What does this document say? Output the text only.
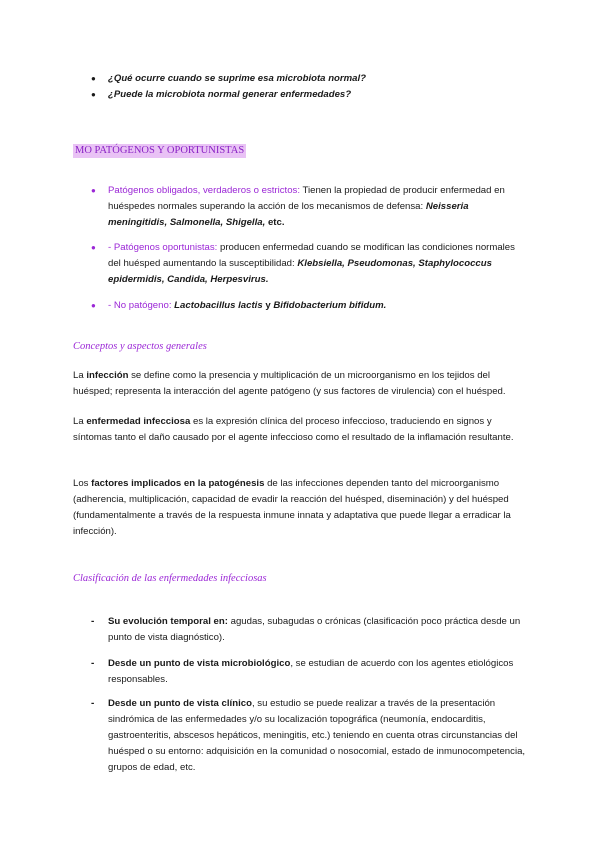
● ¿Qué ocurre cuando se suprime esa microbiota normal?
● ¿Puede la microbiota normal generar enfermedades?
MO PATÓGENOS Y OPORTUNISTAS
● Patógenos obligados, verdaderos o estrictos: Tienen la propiedad de producir enfermedad en huéspedes normales superando la acción de los mecanismos de defensa: Neisseria meningitidis, Salmonella, Shigella, etc.
● - Patógenos oportunistas: producen enfermedad cuando se modifican las condiciones normales del huésped aumentando la susceptibilidad: Klebsiella, Pseudomonas, Staphylococcus epidermidis, Candida, Herpesvirus.
● - No patógeno: Lactobacillus lactis y Bifidobacterium bifidum.
Conceptos y aspectos generales
La infección se define como la presencia y multiplicación de un microorganismo en los tejidos del huésped; representa la interacción del agente patógeno (y sus factores de virulencia) con el huésped.
La enfermedad infecciosa es la expresión clínica del proceso infeccioso, traduciendo en signos y síntomas tanto el daño causado por el agente infeccioso como el resultado de la inflamación resultante.
Los factores implicados en la patogénesis de las infecciones dependen tanto del microorganismo (adherencia, multiplicación, capacidad de evadir la reacción del huésped, diseminación) y del huésped (fundamentalmente a través de la respuesta inmune innata y adaptativa que puede llegar a erradicar la infección).
Clasificación de las enfermedades infecciosas
- Su evolución temporal en: agudas, subagudas o crónicas (clasificación poco práctica desde un punto de vista diagnóstico).
- Desde un punto de vista microbiológico, se estudian de acuerdo con los agentes etiológicos responsables.
- Desde un punto de vista clínico, su estudio se puede realizar a través de la presentación sindrómica de las enfermedades y/o su localización topográfica (neumonía, endocarditis, gastroenteritis, abscesos hepáticos, meningitis, etc.) teniendo en cuenta otras circunstancias del huésped o su entorno: adquisición en la comunidad o nosocomial, estado de inmunocompetencia, grupos de edad, etc.
